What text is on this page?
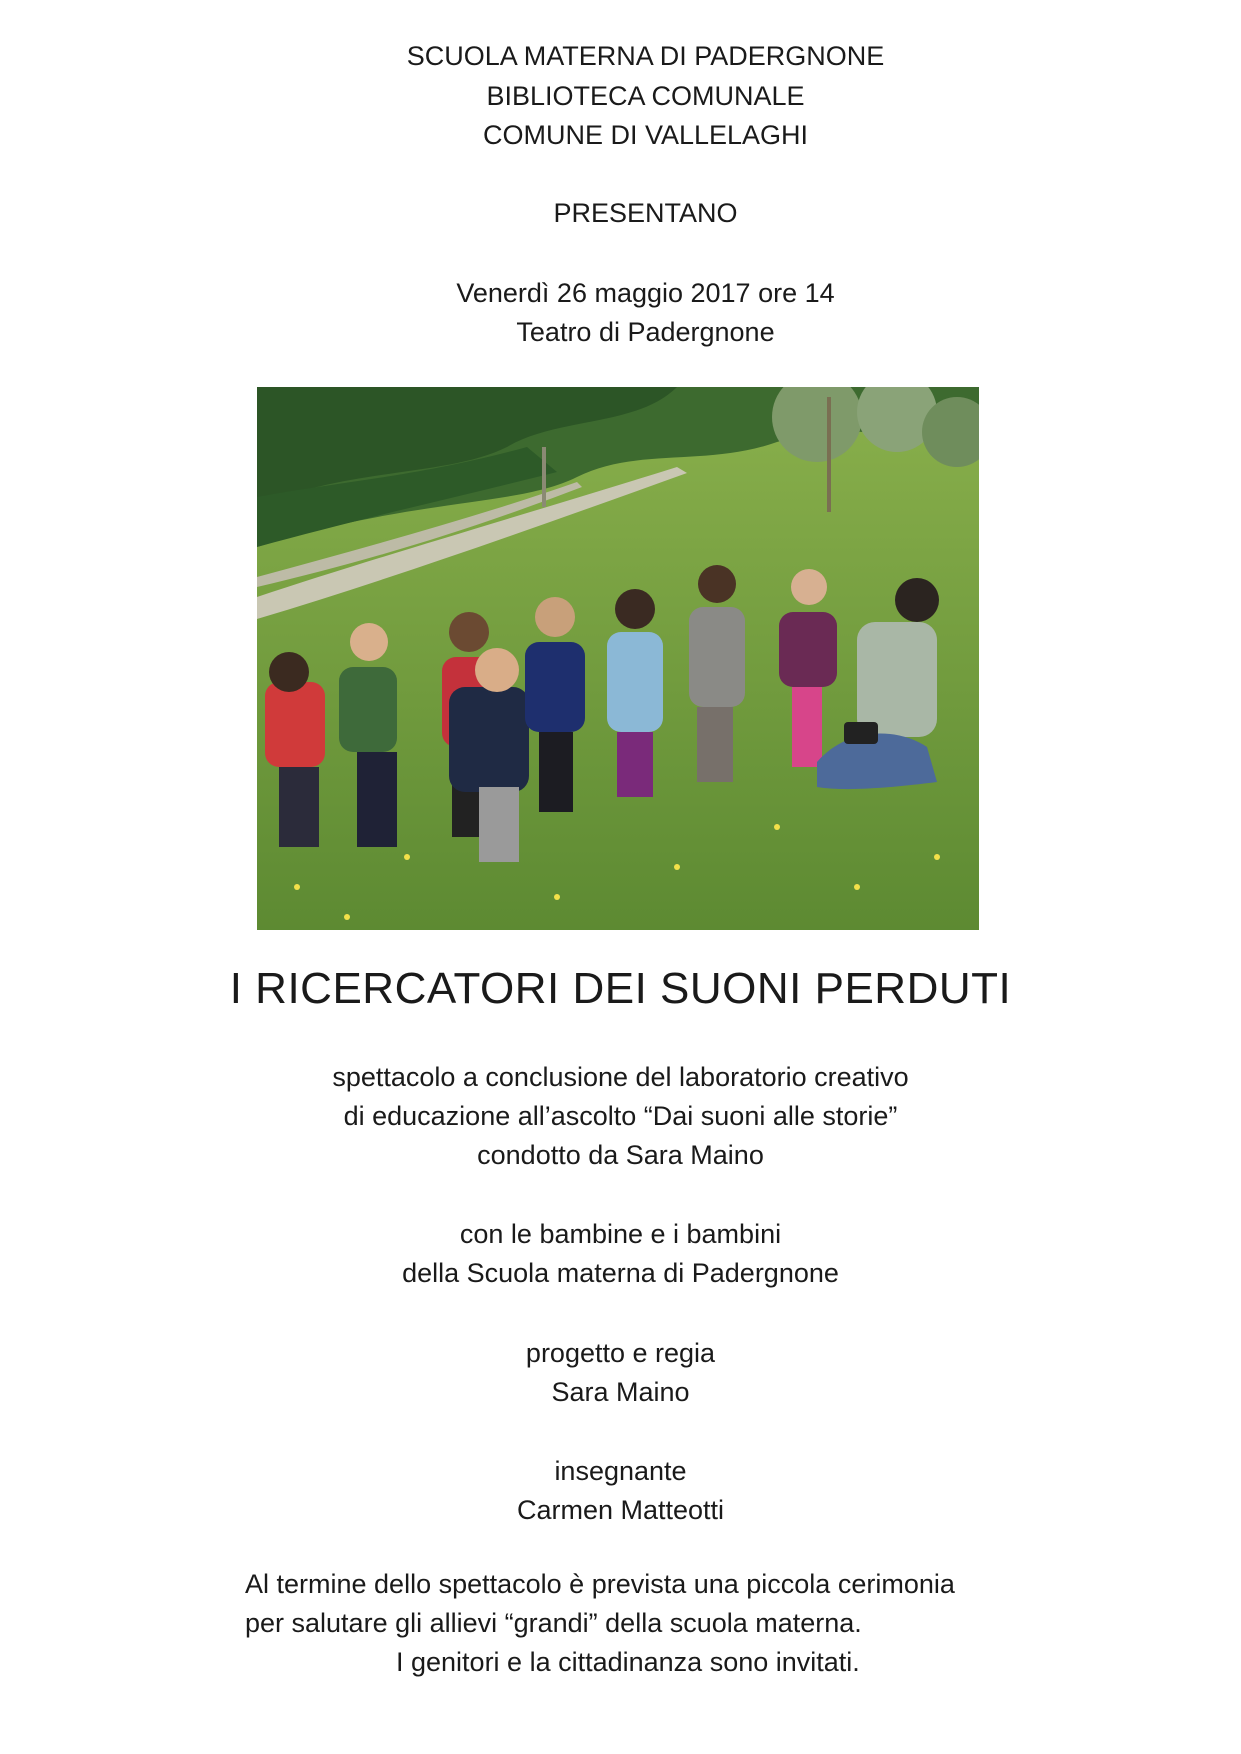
SCUOLA MATERNA DI PADERGNONE
BIBLIOTECA COMUNALE
COMUNE DI VALLELAGHI
PRESENTANO
Venerdì 26 maggio 2017 ore 14
Teatro di Padergnone
I RICERCATORI DEI SUONI PERDUTI
spettacolo a conclusione del laboratorio creativo
di educazione all’ascolto “Dai suoni alle storie”
condotto da Sara Maino
con le bambine e i bambini
della Scuola materna di Padergnone
progetto e regia
Sara Maino
insegnante
Carmen Matteotti
Al termine dello spettacolo è prevista una piccola cerimonia
per salutare gli allievi “grandi” della scuola materna.
I genitori e la cittadinanza sono invitati.
